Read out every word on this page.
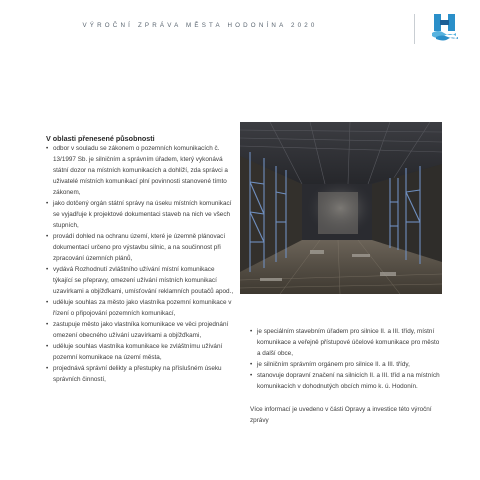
VÝROČNÍ ZPRÁVA MĚSTA HODONÍNA 2020
V oblasti přenesené působnosti
• odbor v souladu se zákonem o pozemních komunikacích č. 13/1997 Sb. je silničním a správním úřadem, který vykonává státní dozor na místních komunikacích a dohlíží, zda správci a uživatelé místních komunikací plní povinnosti stanovené tímto zákonem,
• jako dotčený orgán státní správy na úseku místních komunikací se vyjadřuje k projektové dokumentaci staveb na nich ve všech stupních,
• provádí dohled na ochranu území, které je územně plánovací dokumentací určeno pro výstavbu silnic, a na součinnost při zpracování územních plánů,
• vydává Rozhodnutí zvláštního užívání místní komunikace týkající se přepravy, omezení užívání místních komunikací uzavírkami a objížďkami, umísťování reklamních poutačů apod.,
• uděluje souhlas za město jako vlastníka pozemní komunikace v řízení o připojování pozemních komunikací,
• zastupuje město jako vlastníka komunikace ve věci projednání omezení obecného užívání uzavírkami a objížďkami,
• uděluje souhlas vlastníka komunikace ke zvláštnímu užívání pozemní komunikace na území města,
• projednává správní delikty a přestupky na příslušném úseku správních činností,
• je speciálním stavebním úřadem pro silnice II. a III. třídy, místní komunikace a veřejně přístupové účelové komunikace pro město a další obce,
• je silničním správním orgánem pro silnice II. a III. třídy,
• stanovuje dopravní značení na silnicích II. a III. tříd a na místních komunikacích v dohodnutých obcích mimo k. ú. Hodonín.

Více informací je uvedeno v části Opravy a investice této výroční zprávy
